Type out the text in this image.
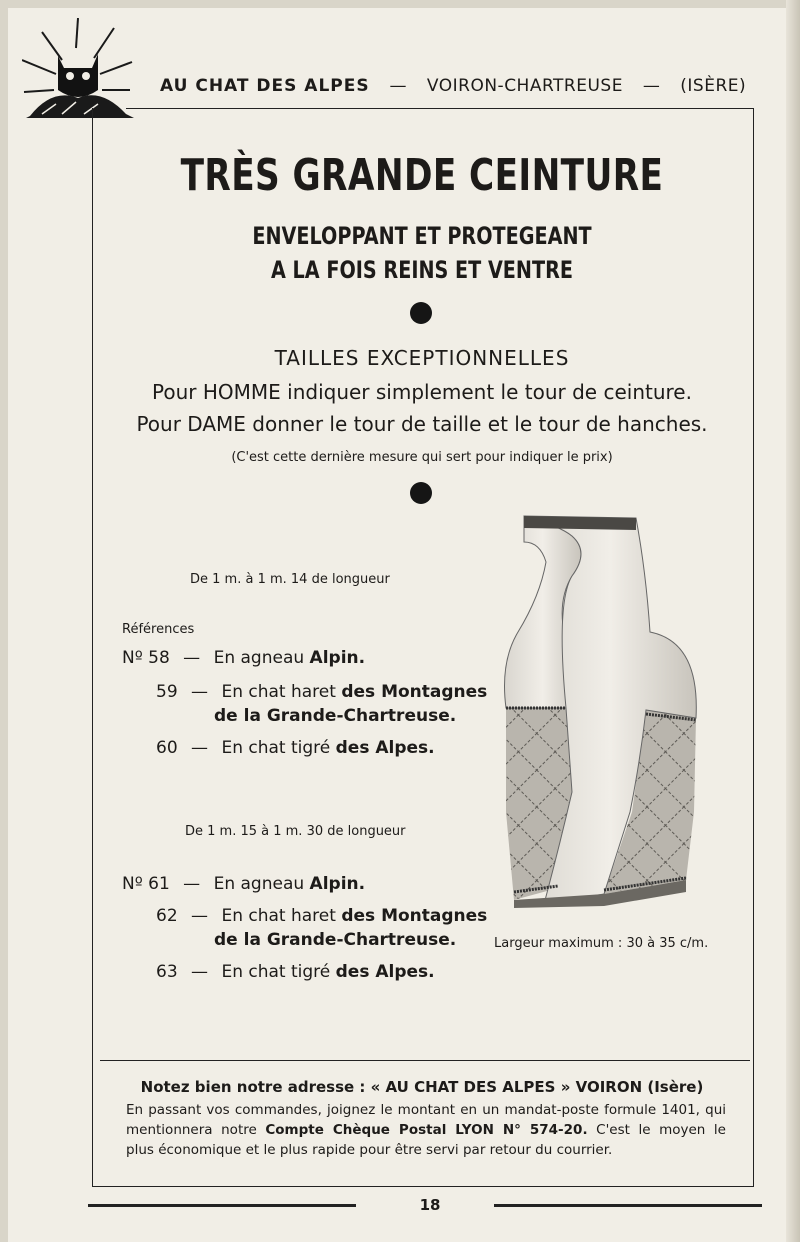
AU CHAT DES ALPES — VOIRON-CHARTREUSE — (ISÈRE)
TRÈS GRANDE CEINTURE
ENVELOPPANT ET PROTEGEANT
A LA FOIS REINS ET VENTRE
TAILLES EXCEPTIONNELLES
Pour HOMME indiquer simplement le tour de ceinture.
Pour DAME donner le tour de taille et le tour de hanches.
(C'est cette dernière mesure qui sert pour indiquer le prix)
De 1 m. à 1 m. 14 de longueur
Références
Nº 58 — En agneau Alpin.
59 — En chat haret des Montagnes
de la Grande-Chartreuse.
60 — En chat tigré des Alpes.
De 1 m. 15 à 1 m. 30 de longueur
Nº 61 — En agneau Alpin.
62 — En chat haret des Montagnes
de la Grande-Chartreuse.
63 — En chat tigré des Alpes.
Largeur maximum : 30 à 35 c/m.
Notez bien notre adresse : « AU CHAT DES ALPES » VOIRON (Isère)
En passant vos commandes, joignez le montant en un mandat-poste formule 1401, qui
mentionnera notre Compte Chèque Postal LYON N° 574-20. C'est le moyen le
plus économique et le plus rapide pour être servi par retour du courrier.
18
